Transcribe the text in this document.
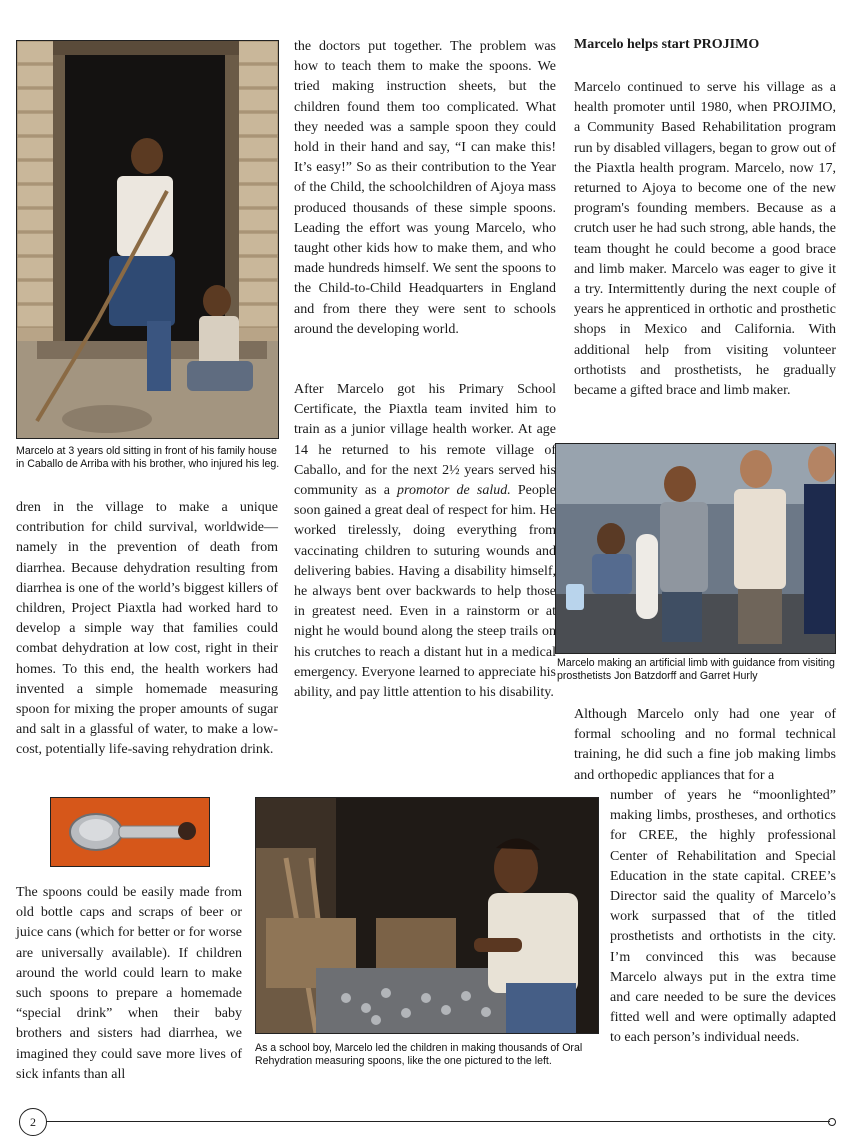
Marcelo at 3 years old sitting in front of his family house in Caballo de Arriba with his brother, who injured his leg.

dren in the village to make a unique contribution for child survival, worldwide—namely in the prevention of death from diarrhea. Because dehydration resulting from diarrhea is one of the world’s biggest killers of children, Project Piaxtla had worked hard to develop a simple way that families could combat dehydration at low cost, right in their homes. To this end, the health workers had invented a simple homemade measuring spoon for mixing the proper amounts of sugar and salt in a glassful of water, to make a low-cost, potentially life-saving rehydration drink.

The spoons could be easily made from old bottle caps and scraps of beer or juice cans (which for better or for worse are universally available). If children around the world could learn to make such spoons to prepare a homemade “special drink” when their baby brothers and sisters had diarrhea, we imagined they could save more lives of sick infants than all

the doctors put together. The problem was how to teach them to make the spoons. We tried making instruction sheets, but the children found them too complicated. What they needed was a sample spoon they could hold in their hand and say, “I can make this! It’s easy!” So as their contribution to the Year of the Child, the schoolchildren of Ajoya mass produced thousands of these simple spoons. Leading the effort was young Marcelo, who taught other kids how to make them, and who made hundreds himself. We sent the spoons to the Child-to-Child Headquarters in England and from there they were sent to schools around the developing world.

After Marcelo got his Primary School Certificate, the Piaxtla team invited him to train as a junior village health worker. At age 14 he returned to his remote village of Caballo, and for the next 2½ years served his community as a promotor de salud. People soon gained a great deal of respect for him. He worked tirelessly, doing everything from vaccinating children to suturing wounds and delivering babies. Having a disability himself, he always bent over backwards to help those in greatest need. Even in a rainstorm or at night he would bound along the steep trails on his crutches to reach a distant hut in a medical emergency. Everyone learned to appreciate his ability, and pay little attention to his disability.

As a school boy, Marcelo led the children in making thousands of Oral Rehydration measuring spoons, like the one pictured to the left.

Marcelo helps start PROJIMO

Marcelo continued to serve his village as a health promoter until 1980, when PROJIMO, a Community Based Rehabilitation program run by disabled villagers, began to grow out of the Piaxtla health program. Marcelo, now 17, returned to Ajoya to become one of the new program's founding members. Because as a crutch user he had such strong, able hands, the team thought he could become a good brace and limb maker. Marcelo was eager to give it a try. Intermittently during the next couple of years he apprenticed in orthotic and prosthetic shops in Mexico and California. With additional help from visiting volunteer orthotists and prosthetists, he gradually became a gifted brace and limb maker.

Marcelo making an artificial limb with guidance from visiting prosthetists Jon Batzdorff and Garret Hurly

Although Marcelo only had one year of formal schooling and no formal technical training, he did such a fine job making limbs and orthopedic appliances that for a

number of years he “moonlighted” making limbs, prostheses, and orthotics for CREE, the highly professional Center of Rehabilitation and Special Education in the state capital. CREE’s Director said the quality of Marcelo’s work surpassed that of the titled prosthetists and orthotists in the city. I’m convinced this was because Marcelo always put in the extra time and care needed to be sure the devices fitted well and were optimally adapted to each person’s individual needs.

2
